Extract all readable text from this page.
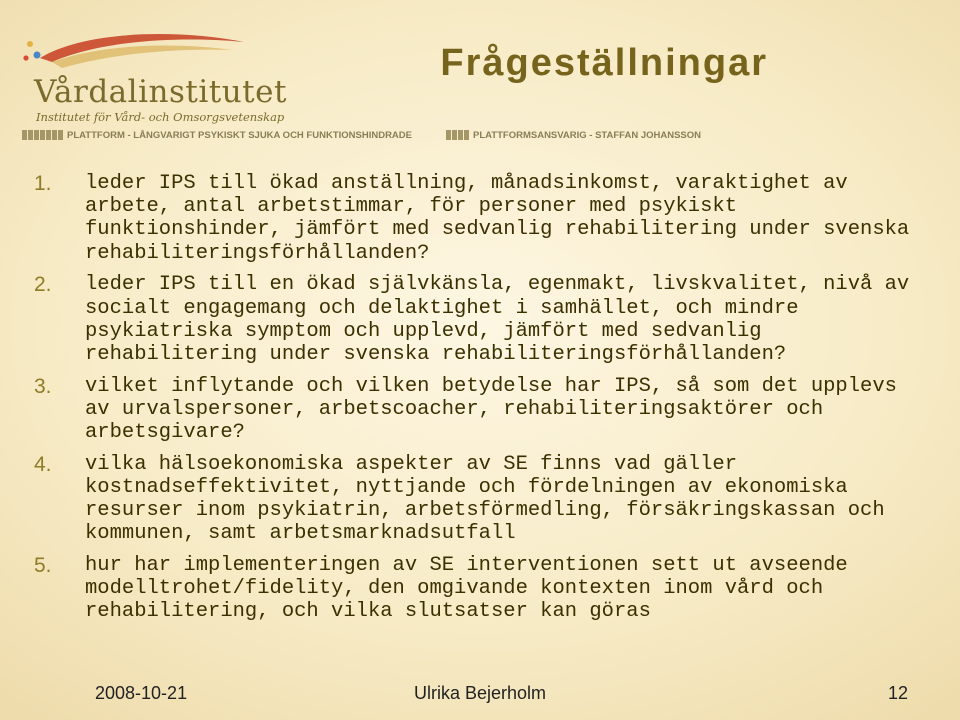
Vårdalinstitutet
Institutet för Vård- och Omsorgsvetenskap
Frågeställningar
PLATTFORM - LÅNGVARIGT PSYKISKT SJUKA OCH FUNKTIONSHINDRADE	PLATTFORMSANSVARIG - STAFFAN JOHANSSON
1. leder IPS till ökad anställning, månadsinkomst, varaktighet av arbete, antal arbetstimmar, för personer med psykiskt funktionshinder, jämfört med sedvanlig rehabilitering under svenska rehabiliteringsförhållanden?
2. leder IPS till en ökad självkänsla, egenmakt, livskvalitet, nivå av socialt engagemang och delaktighet i samhället, och mindre psykiatriska symptom och upplevd, jämfört med sedvanlig rehabilitering under svenska rehabiliteringsförhållanden?
3. vilket inflytande och vilken betydelse har IPS, så som det upplevs av urvalspersoner, arbetscoacher, rehabiliteringsaktörer och arbetsgivare?
4. vilka hälsoekonomiska aspekter av SE finns vad gäller kostnadseffektivitet, nyttjande och fördelningen av ekonomiska resurser inom psykiatrin, arbetsförmedling, försäkringskassan och kommunen, samt arbetsmarknadsutfall
5. hur har implementeringen av SE interventionen sett ut avseende modelltrohet/fidelity, den omgivande kontexten inom vård och rehabilitering, och vilka slutsatser kan göras
Ulrika Bejerholm
2008-10-21	12
